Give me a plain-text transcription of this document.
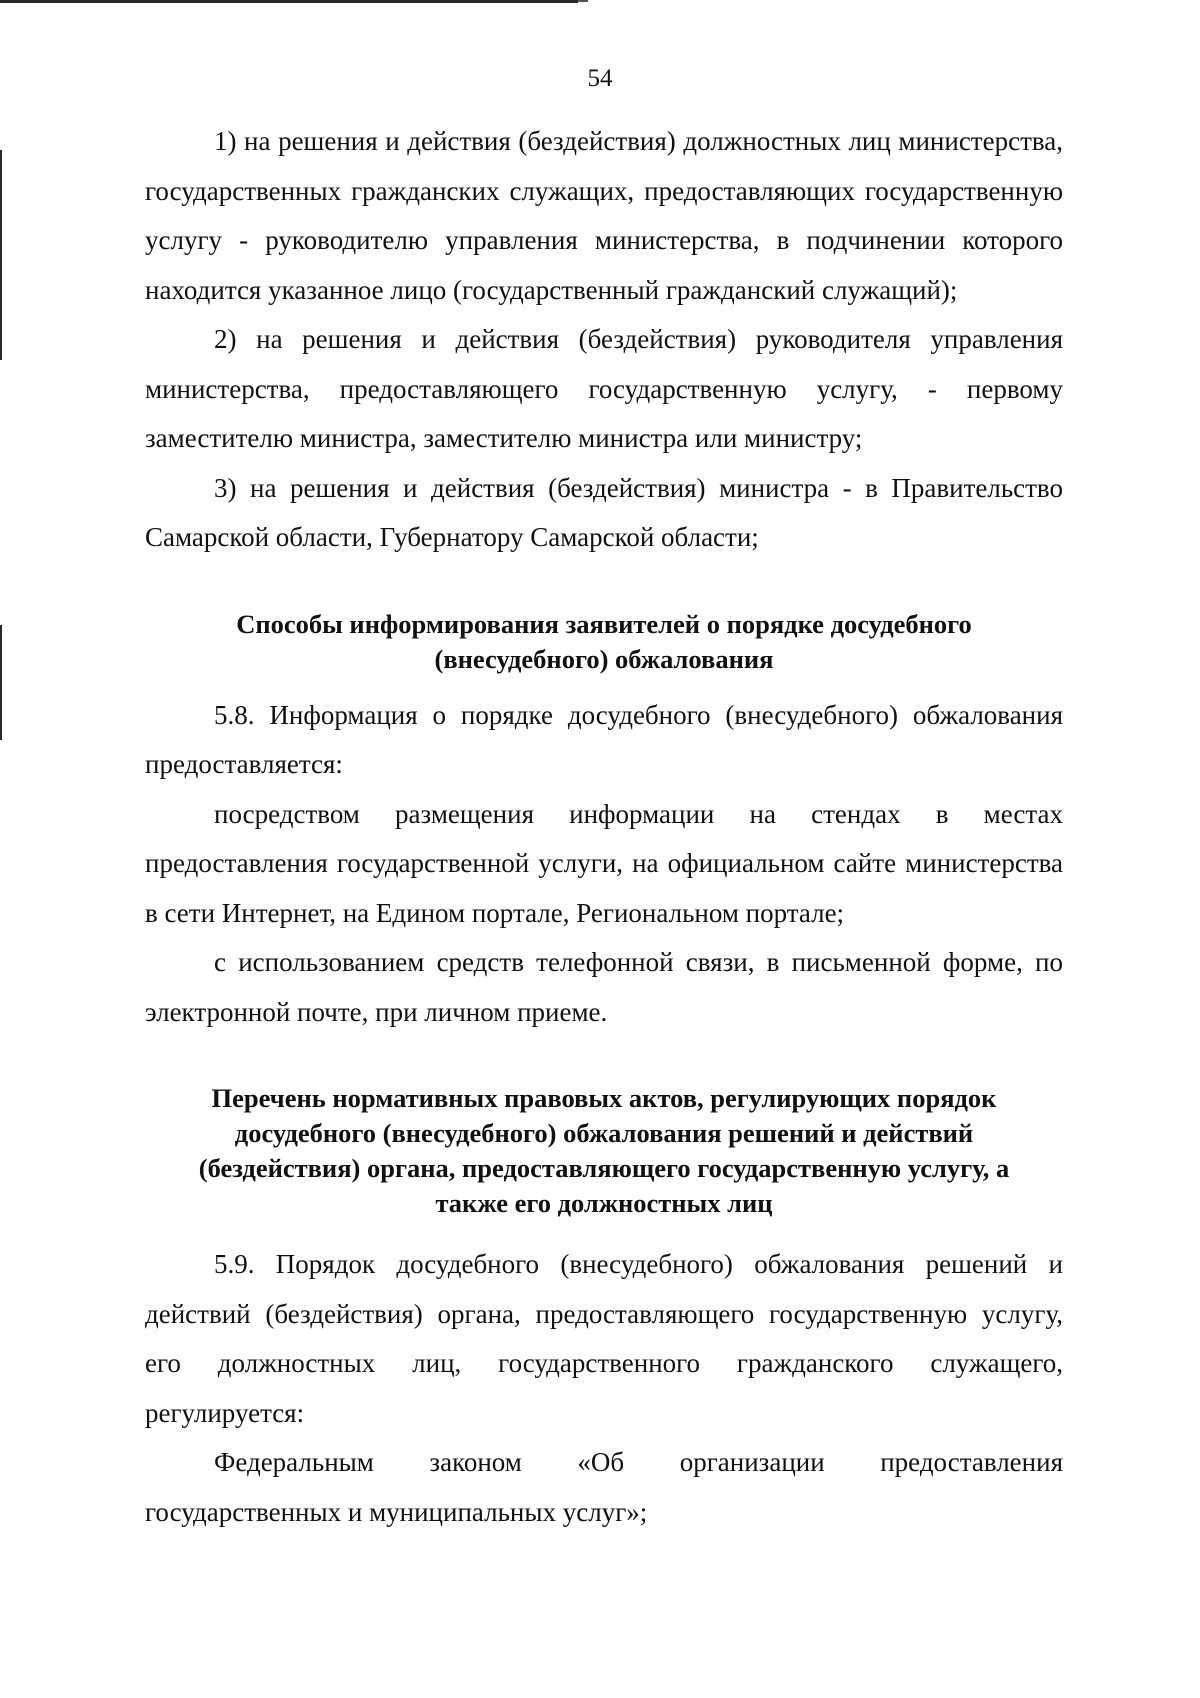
54

1) на решения и действия (бездействия) должностных лиц министерства, государственных гражданских служащих, предоставляющих государственную услугу - руководителю управления министерства, в подчинении которого находится указанное лицо (государственный гражданский служащий);

2) на решения и действия (бездействия) руководителя управления министерства, предоставляющего государственную услугу, - первому заместителю министра, заместителю министра или министру;

3) на решения и действия (бездействия) министра - в Правительство Самарской области, Губернатору Самарской области;

Способы информирования заявителей о порядке досудебного

(внесудебного) обжалования

5.8. Информация о порядке досудебного (внесудебного) обжалования предоставляется:

посредством размещения информации на стендах в местах предоставления государственной услуги, на официальном сайте министерства в сети Интернет, на Едином портале, Региональном портале;

с использованием средств телефонной связи, в письменной форме, по электронной почте, при личном приеме.

Перечень нормативных правовых актов, регулирующих порядок

досудебного (внесудебного) обжалования решений и действий

(бездействия) органа, предоставляющего государственную услугу, а

также его должностных лиц

5.9. Порядок досудебного (внесудебного) обжалования решений и действий (бездействия) органа, предоставляющего государственную услугу, его должностных лиц, государственного гражданского служащего, регулируется:

Федеральным законом «Об организации предоставления государственных и муниципальных услуг»;
